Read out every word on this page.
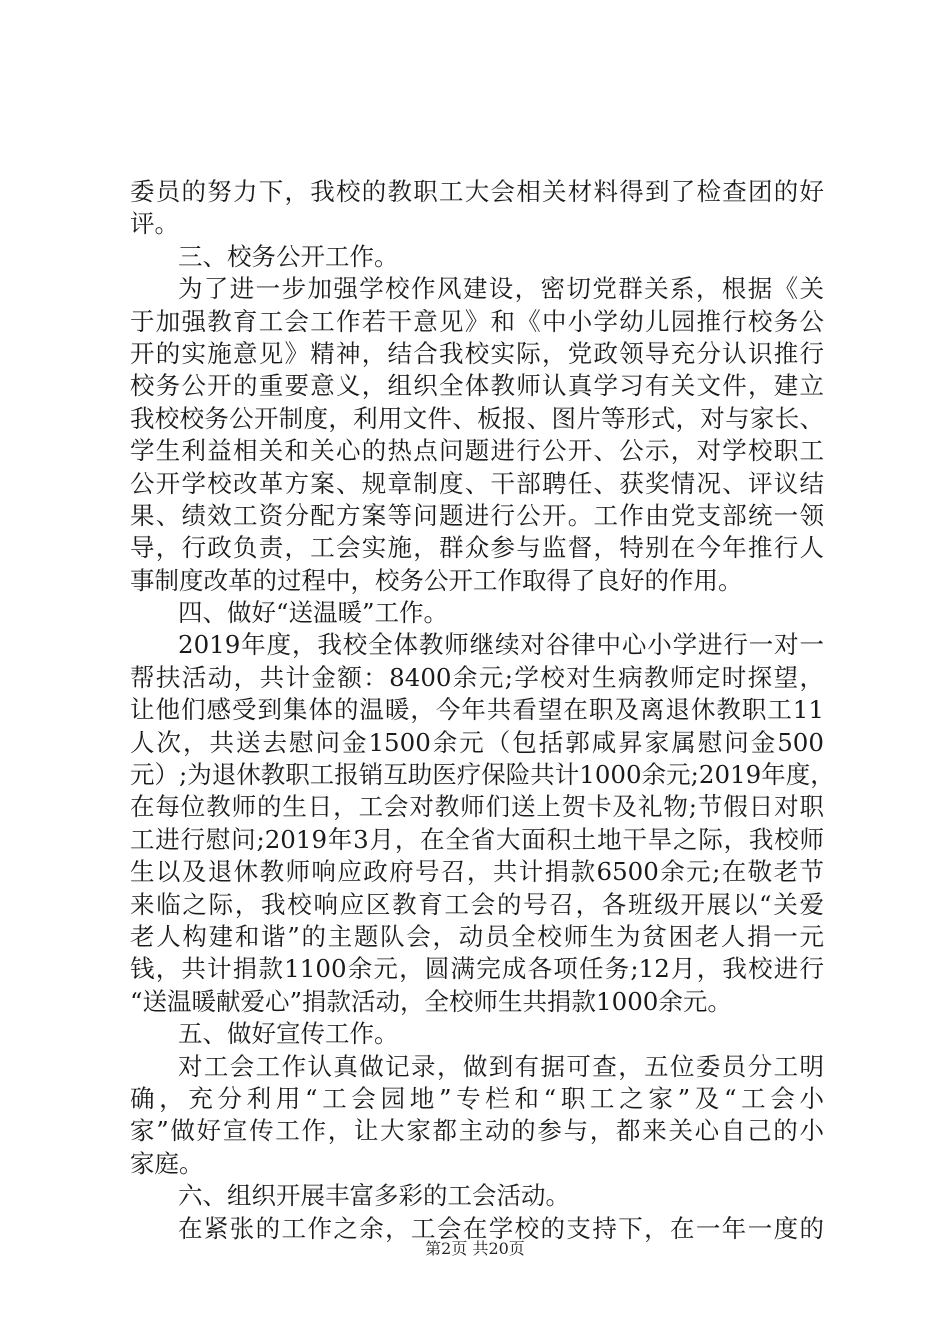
委员的努力下，我校的教职工大会相关材料得到了检查团的好
评。
三、校务公开工作。
为了进一步加强学校作风建设，密切党群关系，根据《关
于加强教育工会工作若干意见》和《中小学幼儿园推行校务公
开的实施意见》精神，结合我校实际，党政领导充分认识推行
校务公开的重要意义，组织全体教师认真学习有关文件，建立
我校校务公开制度，利用文件、板报、图片等形式，对与家长、
学生利益相关和关心的热点问题进行公开、公示，对学校职工
公开学校改革方案、规章制度、干部聘任、获奖情况、评议结
果、绩效工资分配方案等问题进行公开。工作由党支部统一领
导，行政负责，工会实施，群众参与监督，特别在今年推行人
事制度改革的过程中，校务公开工作取得了良好的作用。
四、做好“送温暖”工作。
2019年度，我校全体教师继续对谷律中心小学进行一对一
帮扶活动，共计金额：8400余元;学校对生病教师定时探望，
让他们感受到集体的温暖，今年共看望在职及离退休教职工11
人次，共送去慰问金1500余元（包括郭咸昇家属慰问金500
元）;为退休教职工报销互助医疗保险共计1000余元;2019年度，
在每位教师的生日，工会对教师们送上贺卡及礼物;节假日对职
工进行慰问;2019年3月，在全省大面积土地干旱之际，我校师
生以及退休教师响应政府号召，共计捐款6500余元;在敬老节
来临之际，我校响应区教育工会的号召，各班级开展以“关爱
老人构建和谐”的主题队会，动员全校师生为贫困老人捐一元
钱，共计捐款1100余元，圆满完成各项任务;12月，我校进行
“送温暖献爱心”捐款活动，全校师生共捐款1000余元。
五、做好宣传工作。
对工会工作认真做记录，做到有据可查，五位委员分工明
确，充分利用“工会园地”专栏和“职工之家”及“工会小
家”做好宣传工作，让大家都主动的参与，都来关心自己的小
家庭。
六、组织开展丰富多彩的工会活动。
在紧张的工作之余，工会在学校的支持下，在一年一度的
第2页 共20页
